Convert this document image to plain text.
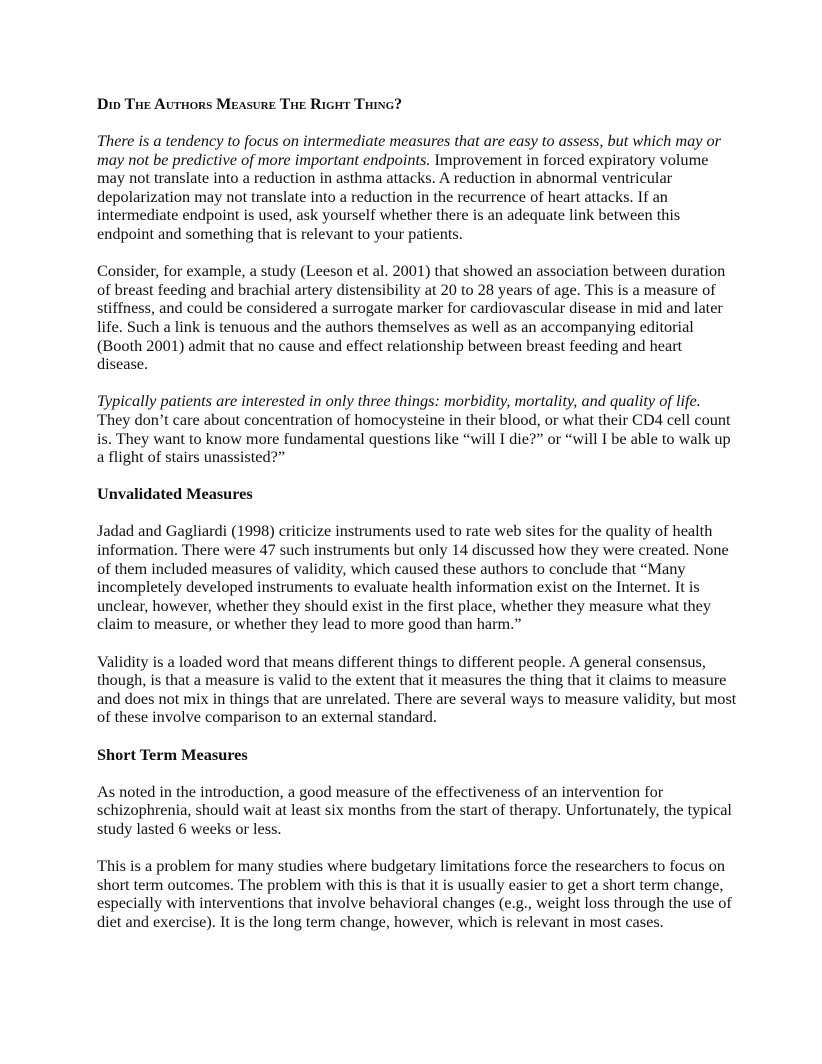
Did The Authors Measure The Right Thing?

There is a tendency to focus on intermediate measures that are easy to assess, but which may or may not be predictive of more important endpoints. Improvement in forced expiratory volume may not translate into a reduction in asthma attacks. A reduction in abnormal ventricular depolarization may not translate into a reduction in the recurrence of heart attacks. If an intermediate endpoint is used, ask yourself whether there is an adequate link between this endpoint and something that is relevant to your patients.

Consider, for example, a study (Leeson et al. 2001) that showed an association between duration of breast feeding and brachial artery distensibility at 20 to 28 years of age. This is a measure of stiffness, and could be considered a surrogate marker for cardiovascular disease in mid and later life. Such a link is tenuous and the authors themselves as well as an accompanying editorial (Booth 2001) admit that no cause and effect relationship between breast feeding and heart disease.

Typically patients are interested in only three things: morbidity, mortality, and quality of life. They don’t care about concentration of homocysteine in their blood, or what their CD4 cell count is. They want to know more fundamental questions like “will I die?” or “will I be able to walk up a flight of stairs unassisted?”

Unvalidated Measures

Jadad and Gagliardi (1998) criticize instruments used to rate web sites for the quality of health information. There were 47 such instruments but only 14 discussed how they were created. None of them included measures of validity, which caused these authors to conclude that “Many incompletely developed instruments to evaluate health information exist on the Internet. It is unclear, however, whether they should exist in the first place, whether they measure what they claim to measure, or whether they lead to more good than harm.”

Validity is a loaded word that means different things to different people. A general consensus, though, is that a measure is valid to the extent that it measures the thing that it claims to measure and does not mix in things that are unrelated. There are several ways to measure validity, but most of these involve comparison to an external standard.

Short Term Measures

As noted in the introduction, a good measure of the effectiveness of an intervention for schizophrenia, should wait at least six months from the start of therapy. Unfortunately, the typical study lasted 6 weeks or less.

This is a problem for many studies where budgetary limitations force the researchers to focus on short term outcomes. The problem with this is that it is usually easier to get a short term change, especially with interventions that involve behavioral changes (e.g., weight loss through the use of diet and exercise). It is the long term change, however, which is relevant in most cases.
